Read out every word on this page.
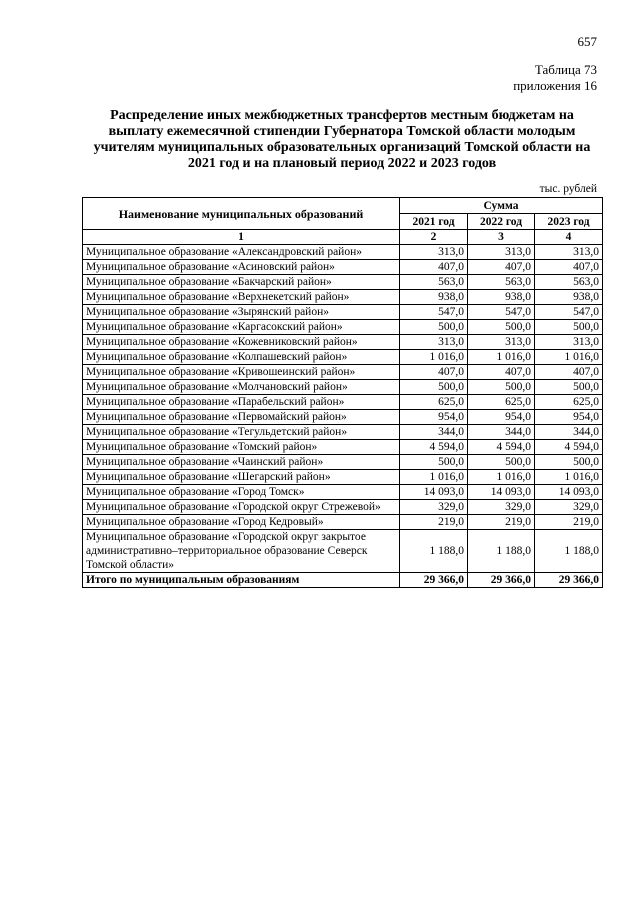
657
Таблица 73
приложения 16
Распределение иных межбюджетных трансфертов местным бюджетам на выплату ежемесячной стипендии Губернатора Томской области молодым учителям муниципальных образовательных организаций Томской области на 2021 год и на плановый период 2022 и 2023 годов
тыс. рублей
Наименование муниципальных образований	Сумма		
	2021 год	2022 год	2023 год
1	2	3	4
Муниципальное образование «Александровский район»	313,0	313,0	313,0
Муниципальное образование «Асиновский район»	407,0	407,0	407,0
Муниципальное образование «Бакчарский район»	563,0	563,0	563,0
Муниципальное образование «Верхнекетский район»	938,0	938,0	938,0
Муниципальное образование «Зырянский район»	547,0	547,0	547,0
Муниципальное образование «Каргасокский район»	500,0	500,0	500,0
Муниципальное образование «Кожевниковский район»	313,0	313,0	313,0
Муниципальное образование «Колпашевский район»	1 016,0	1 016,0	1 016,0
Муниципальное образование «Кривошеинский район»	407,0	407,0	407,0
Муниципальное образование «Молчановский район»	500,0	500,0	500,0
Муниципальное образование «Парабельский район»	625,0	625,0	625,0
Муниципальное образование «Первомайский район»	954,0	954,0	954,0
Муниципальное образование «Тегульдетский район»	344,0	344,0	344,0
Муниципальное образование «Томский район»	4 594,0	4 594,0	4 594,0
Муниципальное образование «Чаинский район»	500,0	500,0	500,0
Муниципальное образование «Шегарский район»	1 016,0	1 016,0	1 016,0
Муниципальное образование «Город Томск»	14 093,0	14 093,0	14 093,0
Муниципальное образование «Городской округ Стрежевой»	329,0	329,0	329,0
Муниципальное образование «Город Кедровый»	219,0	219,0	219,0
Муниципальное образование «Городской округ закрытое административно–территориальное образование Северск Томской области»	1 188,0	1 188,0	1 188,0
Итого по муниципальным образованиям	29 366,0	29 366,0	29 366,0
